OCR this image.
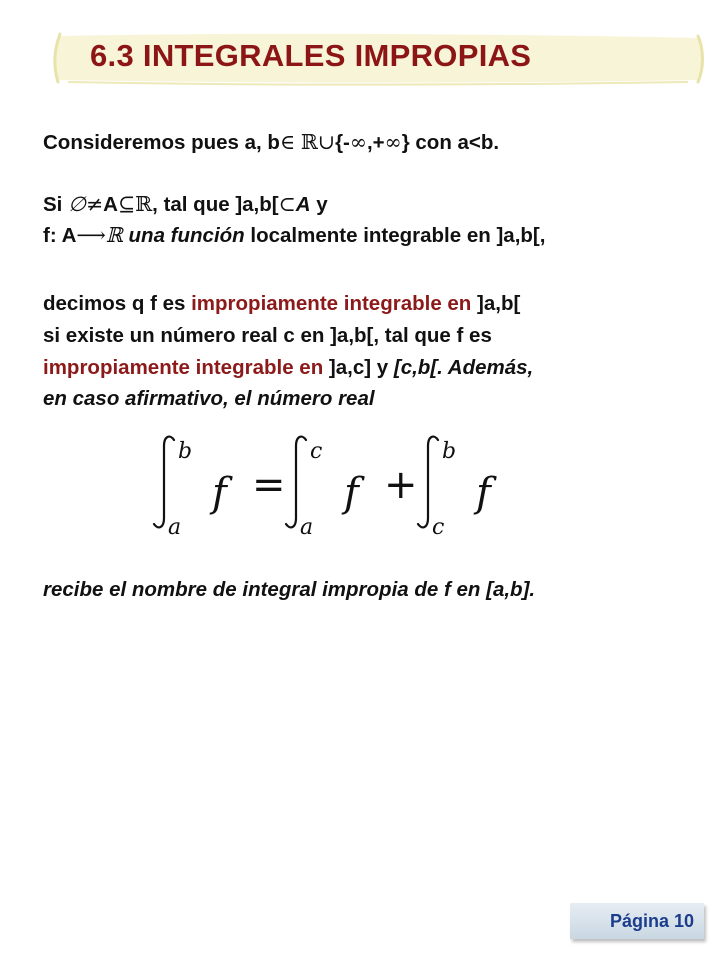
6.3 INTEGRALES IMPROPIAS
Consideremos pues a, b∈ ℝ∪{-∞,+∞} con a<b.
Si ∅≠A⊆ℝ, tal que ]a,b[⊂A y
f: A⟶ℝ una función localmente integrable en ]a,b[,
decimos q f es impropiamente integrable en ]a,b[
si existe un número real c en ]a,b[, tal que f es
impropiamente integrable en ]a,c] y [c,b[. Además,
en caso afirmativo, el número real
b
a
f
c
a
f
b
c
f
= +
recibe el nombre de integral impropia de f en [a,b].
Página 10
